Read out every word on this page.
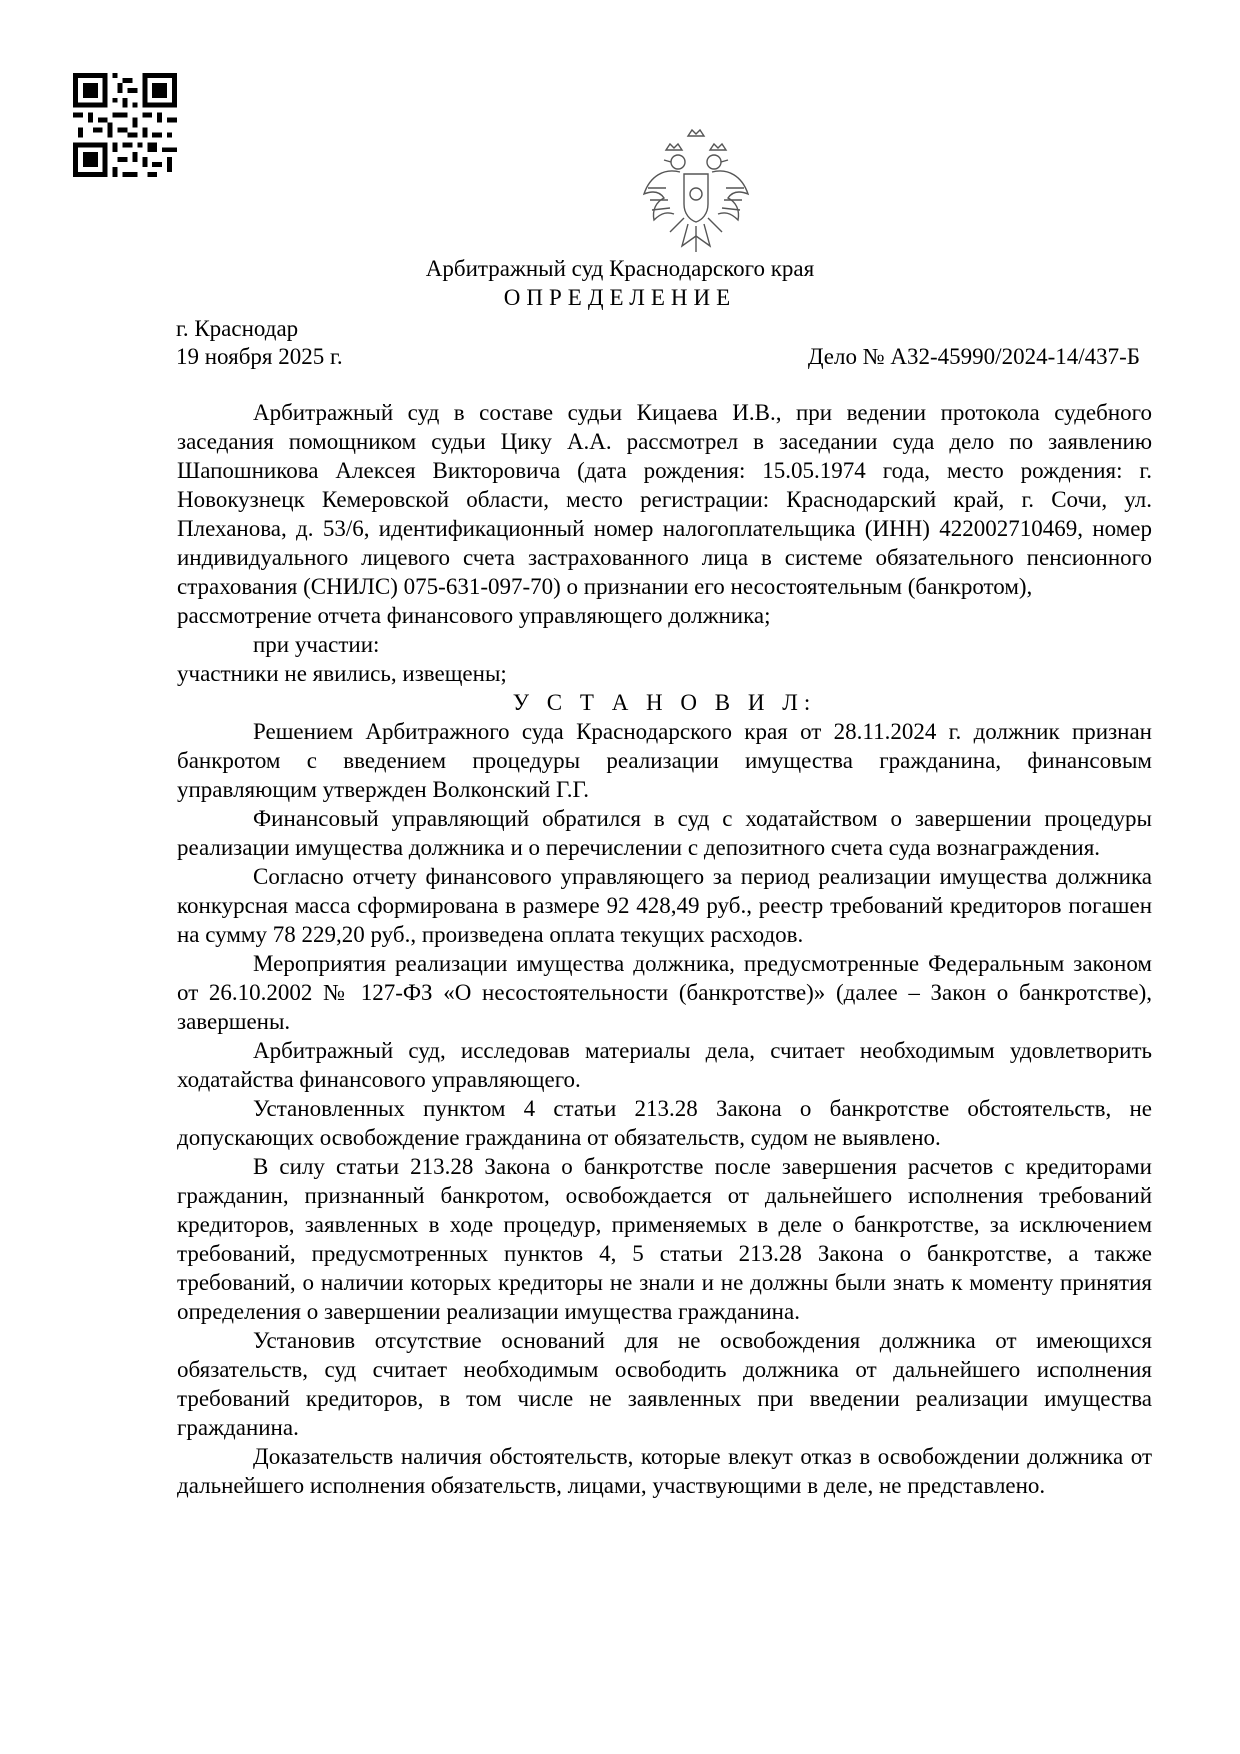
Арбитражный суд Краснодарского края
ОПРЕДЕЛЕНИЕ
г. Краснодар
19 ноября 2025 г.	Дело № А32-45990/2024-14/437-Б

Арбитражный суд в составе судьи Кицаева И.В., при ведении протокола судебного заседания помощником судьи Цику А.А. рассмотрел в заседании суда дело по заявлению Шапошникова Алексея Викторовича (дата рождения: 15.05.1974 года, место рождения: г. Новокузнецк Кемеровской области, место регистрации: Краснодарский край, г. Сочи, ул. Плеханова, д. 53/6, идентификационный номер налогоплательщика (ИНН) 422002710469, номер индивидуального лицевого счета застрахованного лица в системе обязательного пенсионного страхования (СНИЛС) 075-631-097-70) о признании его несостоятельным (банкротом),

рассмотрение отчета финансового управляющего должника;

при участии:

участники не явились, извещены;

У С Т А Н О В И Л:

Решением Арбитражного суда Краснодарского края от 28.11.2024 г. должник признан банкротом с введением процедуры реализации имущества гражданина, финансовым управляющим утвержден Волконский Г.Г.

Финансовый управляющий обратился в суд с ходатайством о завершении процедуры реализации имущества должника и о перечислении с депозитного счета суда вознаграждения.

Согласно отчету финансового управляющего за период реализации имущества должника конкурсная масса сформирована в размере 92 428,49 руб., реестр требований кредиторов погашен на сумму 78 229,20 руб., произведена оплата текущих расходов.

Мероприятия реализации имущества должника, предусмотренные Федеральным законом от 26.10.2002 № 127-ФЗ «О несостоятельности (банкротстве)» (далее – Закон о банкротстве), завершены.

Арбитражный суд, исследовав материалы дела, считает необходимым удовлетворить ходатайства финансового управляющего.

Установленных пунктом 4 статьи 213.28 Закона о банкротстве обстоятельств, не допускающих освобождение гражданина от обязательств, судом не выявлено.

В силу статьи 213.28 Закона о банкротстве после завершения расчетов с кредиторами гражданин, признанный банкротом, освобождается от дальнейшего исполнения требований кредиторов, заявленных в ходе процедур, применяемых в деле о банкротстве, за исключением требований, предусмотренных пунктов 4, 5 статьи 213.28 Закона о банкротстве, а также требований, о наличии которых кредиторы не знали и не должны были знать к моменту принятия определения о завершении реализации имущества гражданина.

Установив отсутствие оснований для не освобождения должника от имеющихся обязательств, суд считает необходимым освободить должника от дальнейшего исполнения требований кредиторов, в том числе не заявленных при введении реализации имущества гражданина.

Доказательств наличия обстоятельств, которые влекут отказ в освобождении должника от дальнейшего исполнения обязательств, лицами, участвующими в деле, не представлено.
